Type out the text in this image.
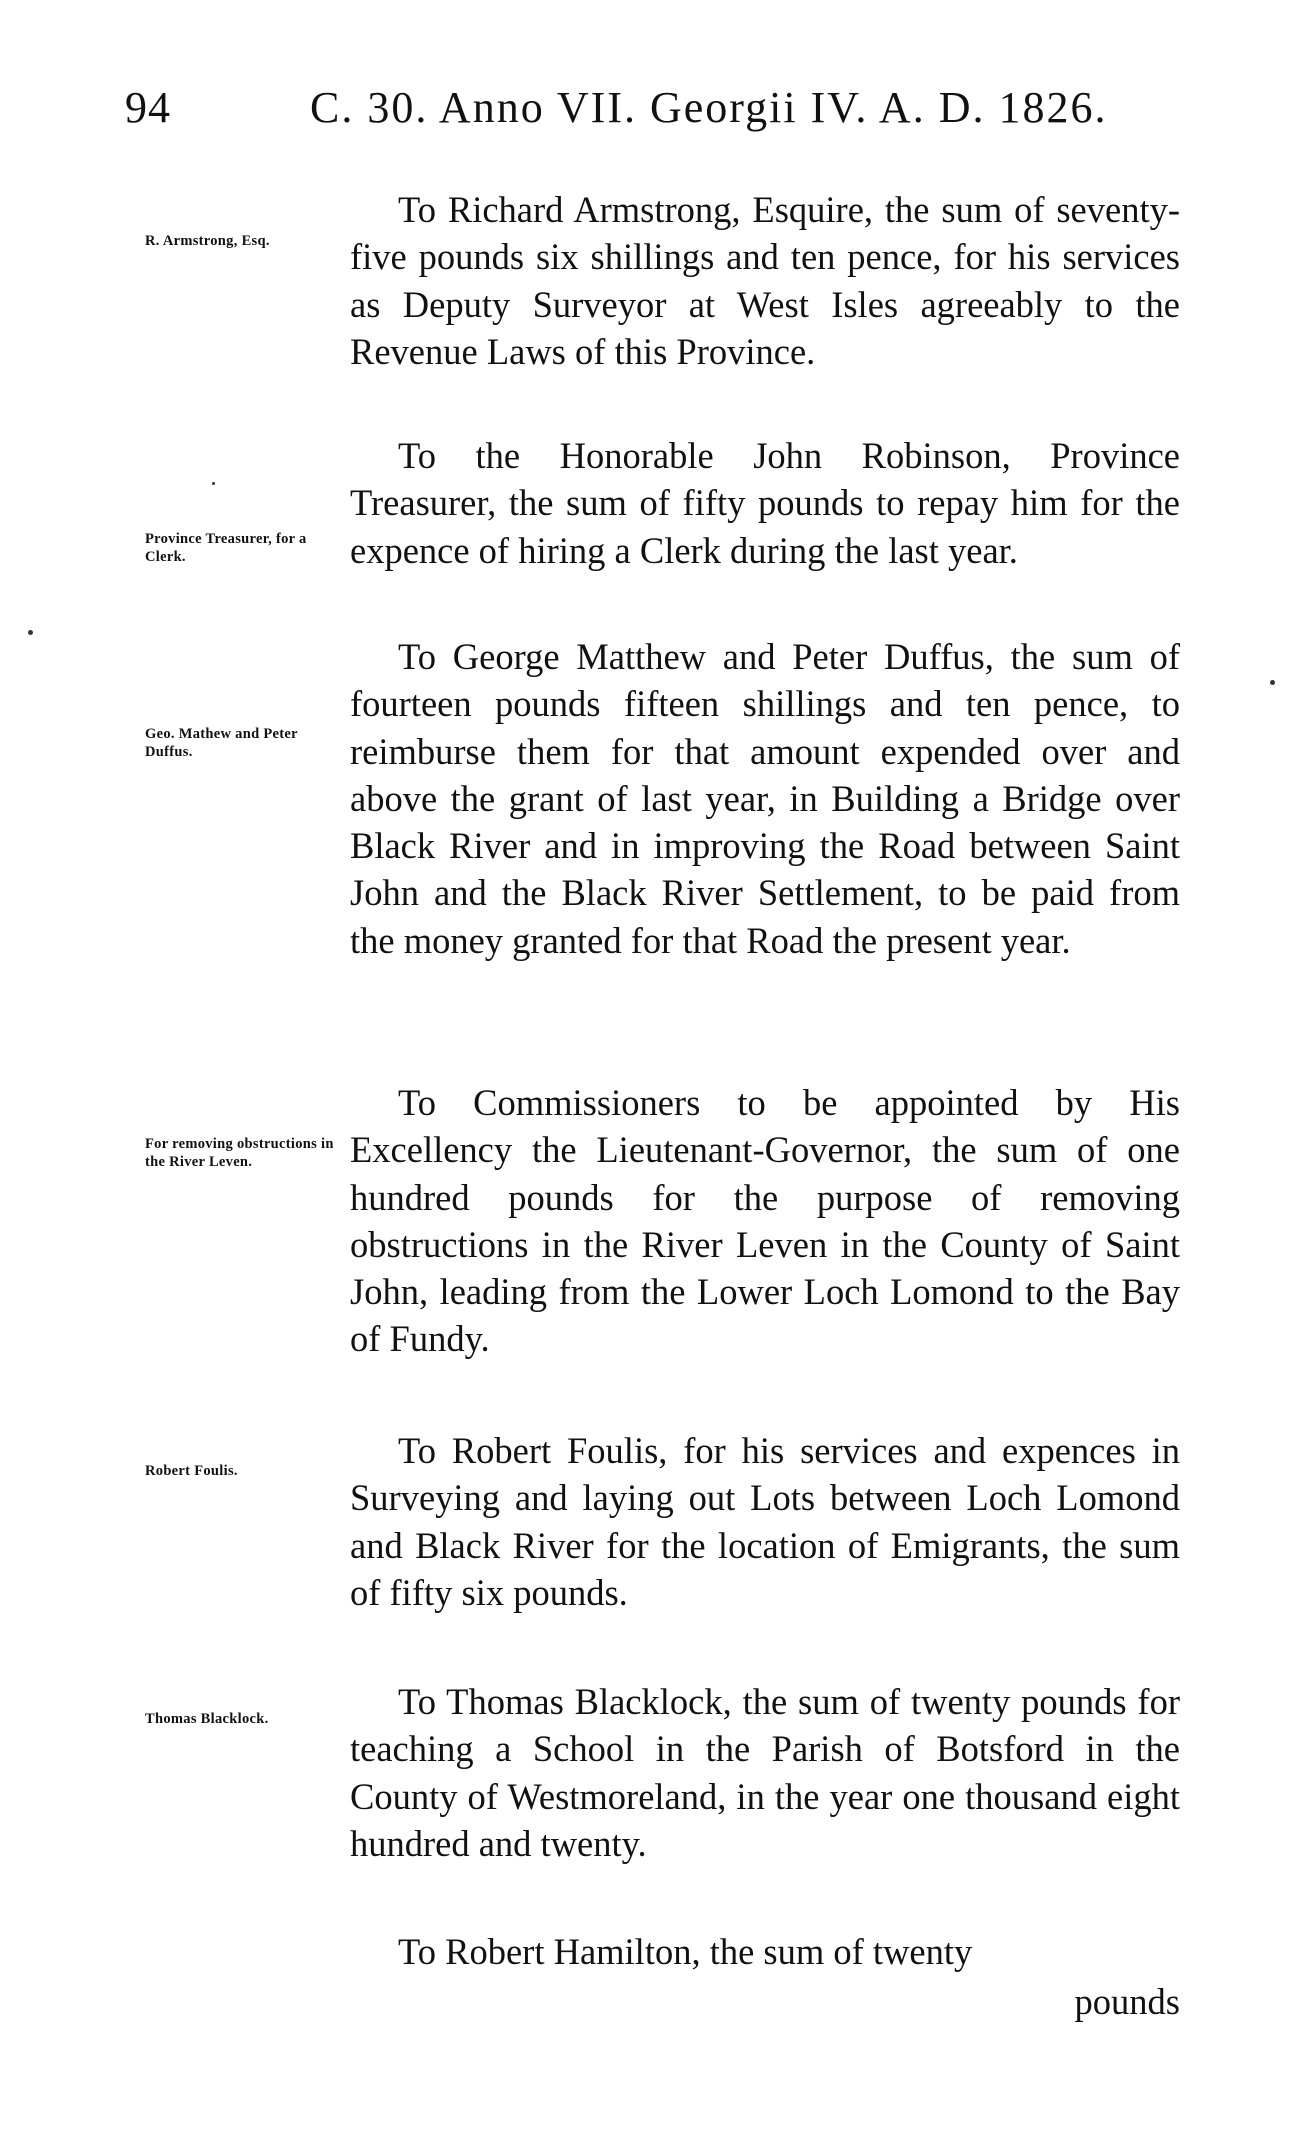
94	C. 30. Anno VII. Georgii IV. A. D. 1826.
R. Armstrong, Esq.
Province Treasurer, for a Clerk.
Geo. Mathew and Peter Duffus.
For removing obstructions in the River Leven.
Robert Foulis.
Thomas Blacklock.

To Richard Armstrong, Esquire, the sum of seventy-five pounds six shillings and ten pence, for his services as Deputy Surveyor at West Isles agreeably to the Revenue Laws of this Province.

To the Honorable John Robinson, Province Treasurer, the sum of fifty pounds to repay him for the expence of hiring a Clerk during the last year.

To George Matthew and Peter Duffus, the sum of fourteen pounds fifteen shillings and ten pence, to reimburse them for that amount expended over and above the grant of last year, in Building a Bridge over Black River and in improving the Road between Saint John and the Black River Settlement, to be paid from the money granted for that Road the present year.

To Commissioners to be appointed by His Excellency the Lieutenant-Governor, the sum of one hundred pounds for the purpose of removing obstructions in the River Leven in the County of Saint John, leading from the Lower Loch Lomond to the Bay of Fundy.

To Robert Foulis, for his services and expences in Surveying and laying out Lots between Loch Lomond and Black River for the location of Emigrants, the sum of fifty six pounds.

To Thomas Blacklock, the sum of twenty pounds for teaching a School in the Parish of Botsford in the County of Westmoreland, in the year one thousand eight hundred and twenty.

To Robert Hamilton, the sum of twenty

pounds
